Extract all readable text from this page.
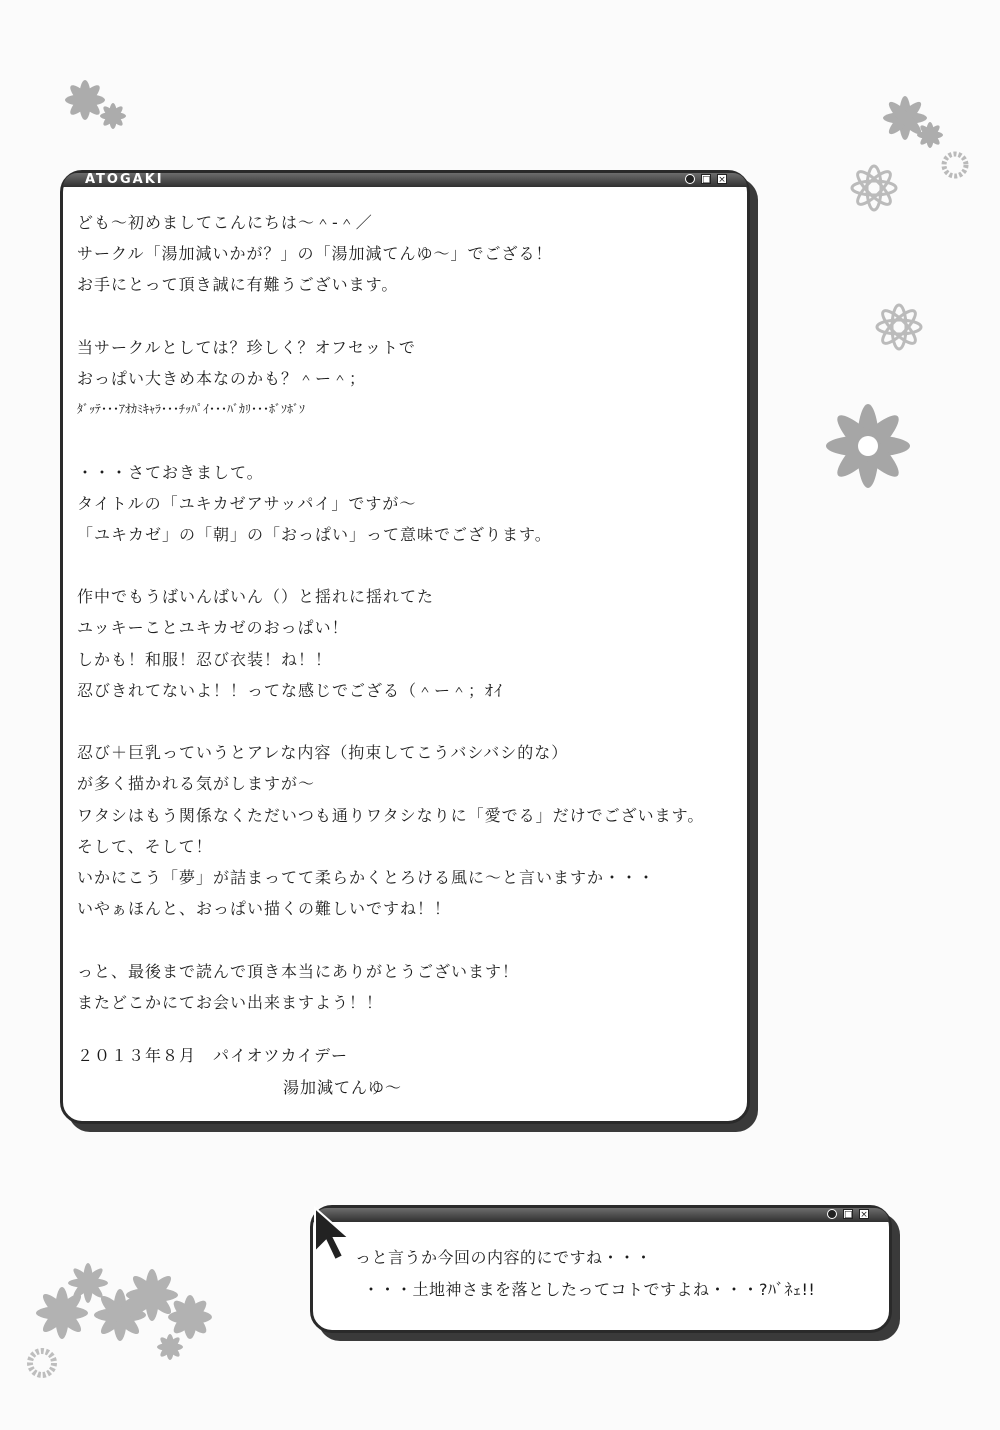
ATOGAKI	□ ×
ども～初めましてこんにちは～＾-＾／
サークル「湯加減いかが？」の「湯加減てんゆ～」でござる！
お手にとって頂き誠に有難うございます。

当サークルとしては？珍しく？オフセットで
おっぱい大きめ本なのかも？＾ー＾；
ﾀﾞｯﾃ･･･ｱｵｶﾐｷｬﾗ･･･ﾁｯﾊﾟｲ･･･ﾊﾞｶﾘ･･･ﾎﾞｿﾎﾞｿ

・・・さておきまして。
タイトルの「ユキカゼアサッパイ」ですが～
「ユキカゼ」の「朝」の「おっぱい」って意味でござります。

作中でもうばいんばいん（）と揺れに揺れてた
ユッキーことユキカゼのおっぱい！
しかも！和服！忍び衣装！ね！！
忍びきれてないよ！！ってな感じでござる（＾ー＾；ｵｲ

忍び＋巨乳っていうとアレな内容（拘束してこうバシバシ的な）
が多く描かれる気がしますが～
ワタシはもう関係なくただいつも通りワタシなりに「愛でる」だけでございます。
そして、そして！
いかにこう「夢」が詰まってて柔らかくとろける風に～と言いますか・・・
いやぁほんと、おっぱい描くの難しいですね！！

っと、最後まで読んで頂き本当にありがとうございます！
またどこかにてお会い出来ますよう！！
２０１３年８月　パイオツカイデー
湯加減てんゆ～
□ ×
っと言うか今回の内容的にですね・・・
・・・土地神さまを落としたってコトですよね・・・?ﾊﾞﾈｪ!!
